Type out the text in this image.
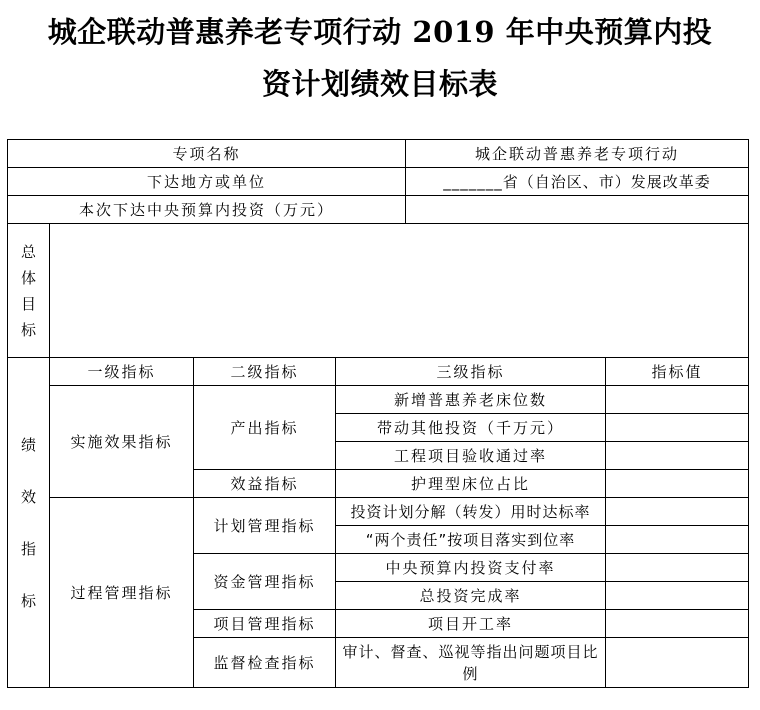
城企联动普惠养老专项行动 2019 年中央预算内投
资计划绩效目标表
专项名称				城企联动普惠养老专项行动	
下达地方或单位				_______省（自治区、市）发展改革委	
本次下达中央预算内投资（万元）					

总
体
目
标					

绩
效
指
标	一级指标	二级指标	三级指标		指标值
	实施效果指标	产出指标	新增普惠养老床位数		
			带动其他投资（千万元）		
			工程项目验收通过率		
		效益指标	护理型床位占比		
	过程管理指标	计划管理指标	投资计划分解（转发）用时达标率		
			“两个责任”按项目落实到位率		
		资金管理指标	中央预算内投资支付率		
			总投资完成率		
		项目管理指标	项目开工率		
		监督检查指标	审计、督查、巡视等指出问题项目比例		
